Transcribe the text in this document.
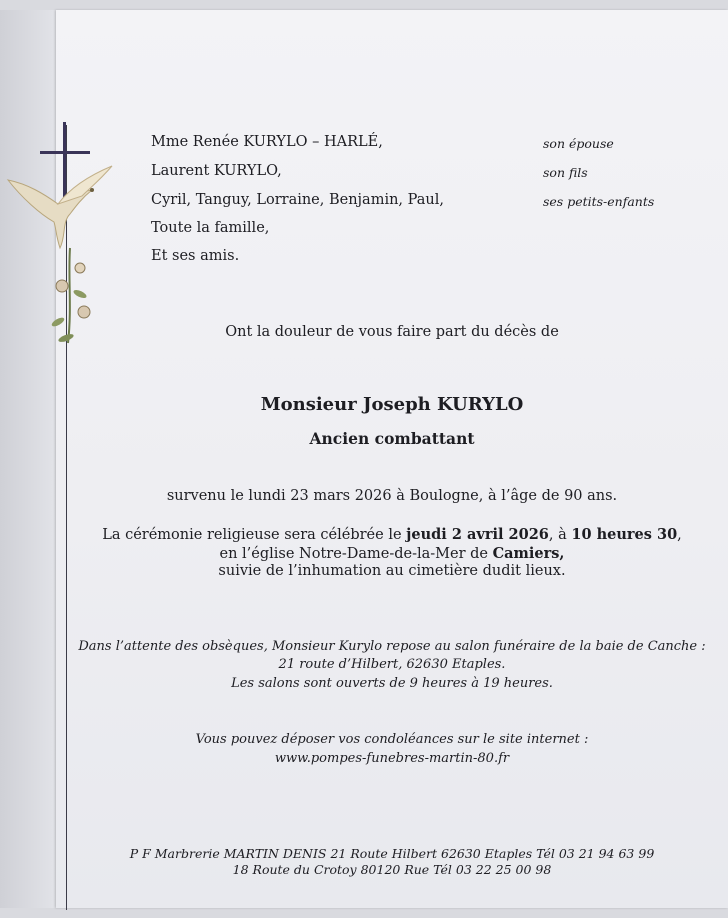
Mme Renée KURYLO – HARLÉ,	son épouse
Laurent KURYLO,	son fils
Cyril, Tanguy, Lorraine, Benjamin, Paul,	ses petits-enfants
Toute la famille,
Et ses amis.
Ont la douleur de vous faire part du décès de
Monsieur Joseph KURYLO
Ancien combattant
survenu le lundi 23 mars 2026 à Boulogne, à l’âge de 90 ans.
La cérémonie religieuse sera célébrée le jeudi 2 avril 2026, à 10 heures 30,
en l’église Notre-Dame-de-la-Mer de Camiers,
suivie de l’inhumation au cimetière dudit lieux.
Dans l’attente des obsèques, Monsieur Kurylo repose au salon funéraire de la baie de Canche :
21 route d’Hilbert, 62630 Etaples.
Les salons sont ouverts de 9 heures à 19 heures.
Vous pouvez déposer vos condoléances sur le site internet :
www.pompes-funebres-martin-80.fr
P F Marbrerie MARTIN DENIS 21 Route Hilbert 62630 Etaples Tél 03 21 94 63 99
18 Route du Crotoy 80120 Rue Tél 03 22 25 00 98
